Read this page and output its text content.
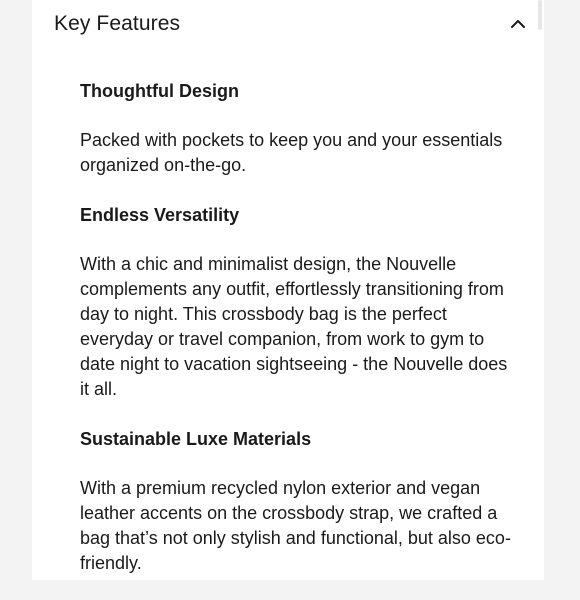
Key Features
Thoughtful Design
Packed with pockets to keep you and your essentials organized on-the-go.
Endless Versatility
With a chic and minimalist design, the Nouvelle complements any outfit, effortlessly transitioning from day to night. This crossbody bag is the perfect everyday or travel companion, from work to gym to date night to vacation sightseeing - the Nouvelle does it all.
Sustainable Luxe Materials
With a premium recycled nylon exterior and vegan leather accents on the crossbody strap, we crafted a bag that’s not only stylish and functional, but also eco-friendly.
